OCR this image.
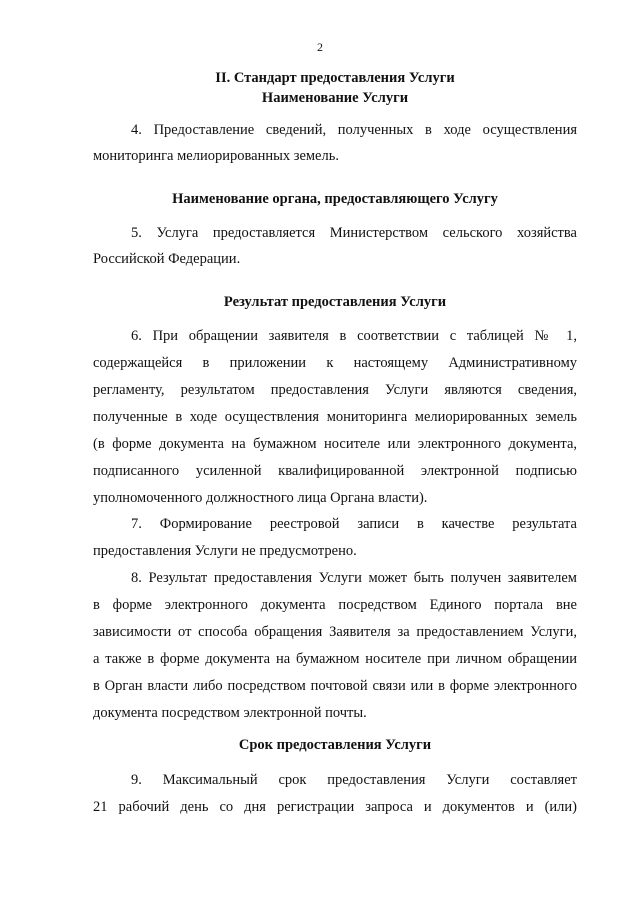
2
II. Стандарт предоставления Услуги
Наименование Услуги
4. Предоставление сведений, полученных в ходе осуществления
мониторинга мелиорированных земель.
Наименование органа, предоставляющего Услугу
5. Услуга предоставляется Министерством сельского хозяйства
Российской Федерации.
Результат предоставления Услуги
6. При обращении заявителя в соответствии с таблицей № 1,
содержащейся в приложении к настоящему Административному
регламенту, результатом предоставления Услуги являются сведения,
полученные в ходе осуществления мониторинга мелиорированных земель
(в форме документа на бумажном носителе или электронного документа,
подписанного усиленной квалифицированной электронной подписью
уполномоченного должностного лица Органа власти).
7. Формирование реестровой записи в качестве результата
предоставления Услуги не предусмотрено.
8. Результат предоставления Услуги может быть получен заявителем
в форме электронного документа посредством Единого портала вне
зависимости от способа обращения Заявителя за предоставлением Услуги,
а также в форме документа на бумажном носителе при личном обращении
в Орган власти либо посредством почтовой связи или в форме электронного
документа посредством электронной почты.
Срок предоставления Услуги
9. Максимальный срок предоставления Услуги составляет
21 рабочий день со дня регистрации запроса и документов и (или)
